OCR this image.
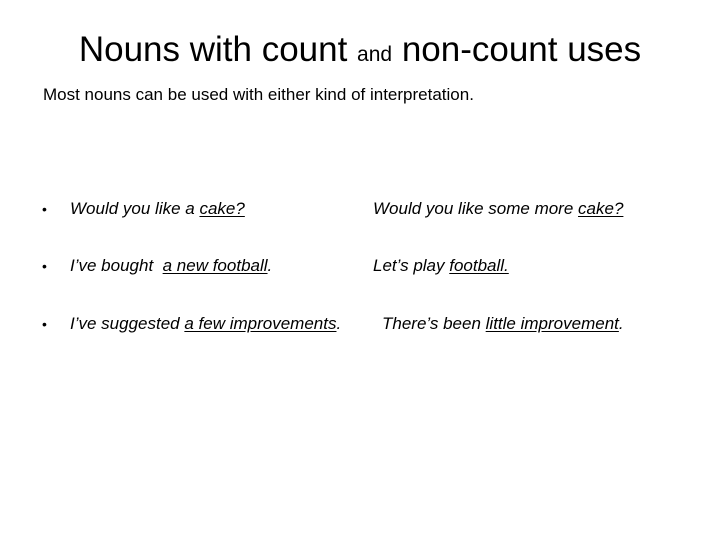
Nouns with count and non-count uses
Most nouns can be used with either kind of interpretation.
• Would you like a cake?	Would you like some more cake?
• I’ve bought  a new football.	Let’s play football.
• I’ve suggested a few improvements. There’s been little improvement.
